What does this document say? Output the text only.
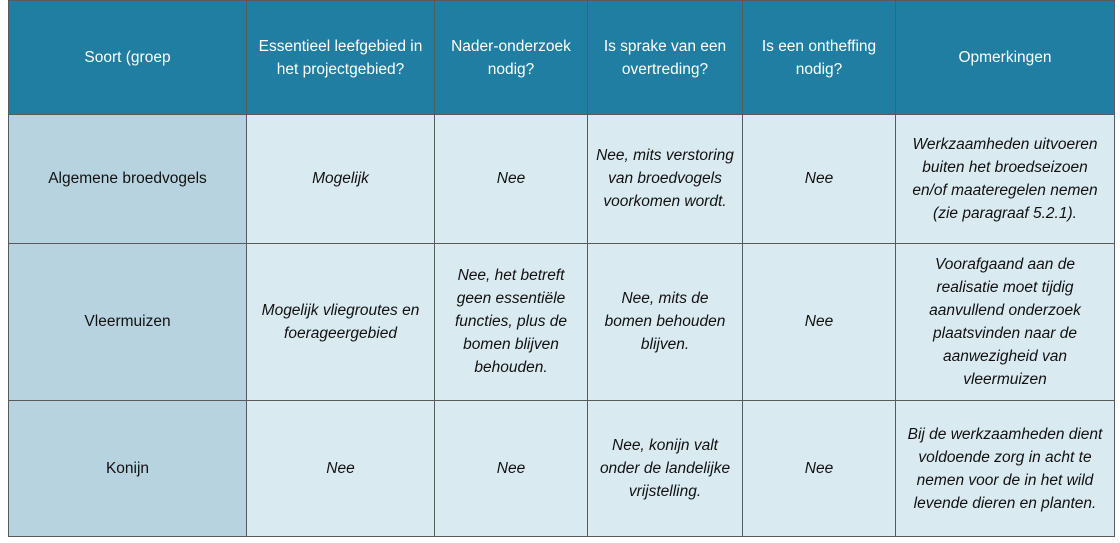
Soort (groep	Essentieel leefgebied in het projectgebied?	Nader-onderzoek nodig?	Is sprake van een overtreding?	Is een ontheffing nodig?	Opmerkingen
Algemene broedvogels	Mogelijk	Nee	Nee, mits verstoring van broedvogels voorkomen wordt.	Nee	Werkzaamheden uitvoeren buiten het broedseizoen en/of maateregelen nemen (zie paragraaf 5.2.1).
Vleermuizen	Mogelijk vliegroutes en foerageergebied	Nee, het betreft geen essentiële functies, plus de bomen blijven behouden.	Nee, mits de bomen behouden blijven.	Nee	Voorafgaand aan de realisatie moet tijdig aanvullend onderzoek plaatsvinden naar de aanwezigheid van vleermuizen
Konijn	Nee	Nee	Nee, konijn valt onder de landelijke vrijstelling.	Nee	Bij de werkzaamheden dient voldoende zorg in acht te nemen voor de in het wild levende dieren en planten.
